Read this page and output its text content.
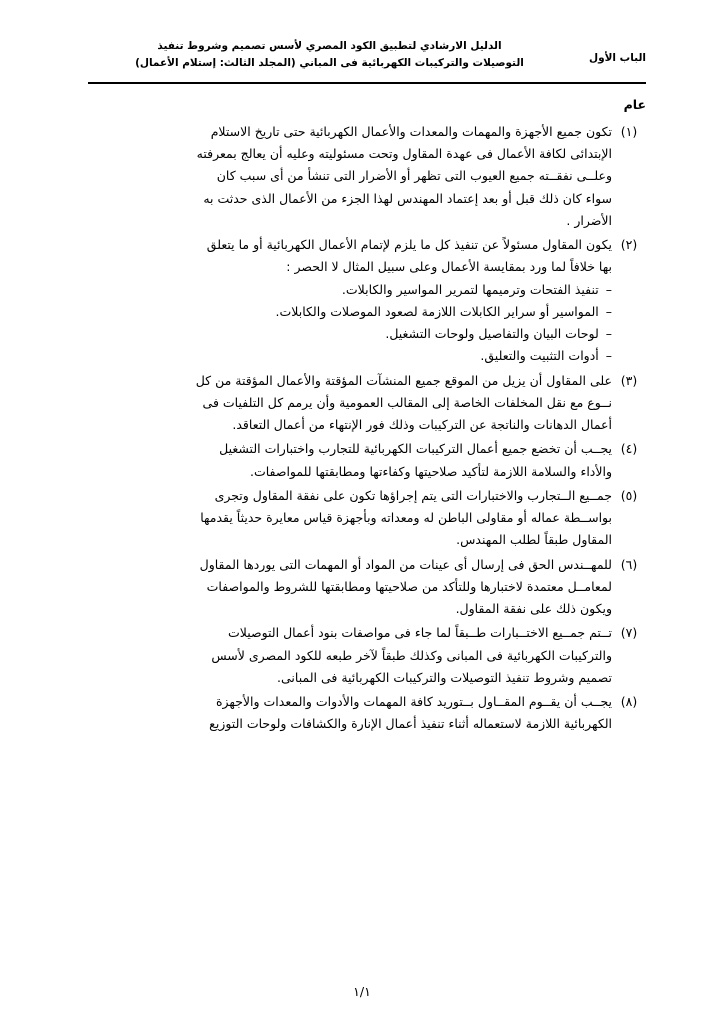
الدليل الارشادي لتطبيق الكود المصري لأسس تصميم وشروط تنفيذ
التوصيلات والتركيبات الكهربائية فى المباني (المجلد الثالث: إستلام الأعمال)	الباب الأول
عام
(١)
تكون جميع الأجهزة والمهمات والمعدات والأعمال الكهربائية حتى تاريخ الاستلام
الإبتدائى لكافة الأعمال فى عهدة المقاول وتحت مسئوليته وعليه أن يعالج بمعرفته
وعلــى نفقــته جميع العيوب التى تظهر أو الأضرار التى تنشأ من أى سبب كان
سواء كان ذلك قبل أو بعد إعتماد المهندس لهذا الجزء من الأعمال الذى حدثت به
الأضرار .
(٢)
يكون المقاول مسئولاً عن تنفيذ كل ما يلزم لإتمام الأعمال الكهربائية أو ما يتعلق
بها خلافاً لما ورد بمقايسة الأعمال وعلى سبيل المثال لا الحصر :
–تنفيذ الفتحات وترميمها لتمرير المواسير والكابلات.
–المواسير أو سراير الكابلات اللازمة لصعود الموصلات والكابلات.
–لوحات البيان والتفاصيل ولوحات التشغيل.
–أدوات التثبيت والتعليق.
(٣)
على المقاول أن يزيل من الموقع جميع المنشآت المؤقتة والأعمال المؤقتة من كل
نــوع مع نقل المخلفات الخاصة إلى المقالب العمومية وأن يرمم كل التلفيات فى
أعمال الدهانات والناتجة عن التركيبات وذلك فور الإنتهاء من أعمال التعاقد.
(٤)
يجــب أن تخضع جميع أعمال التركيبات الكهربائية للتجارب واختبارات التشغيل
والأداء والسلامة اللازمة لتأكيد صلاحيتها وكفاءتها ومطابقتها للمواصفات.
(٥)
جمــيع الــتجارب والاختبارات التى يتم إجراؤها تكون على نفقة المقاول وتجرى
بواســطة عماله أو مقاولى الباطن له ومعداته وبأجهزة قياس معايرة حديثاً يقدمها
المقاول طبقاً لطلب المهندس.
(٦)
للمهــندس الحق فى إرسال أى عينات من المواد أو المهمات التى يوردها المقاول
لمعامــل معتمدة لاختبارها وللتأكد من صلاحيتها ومطابقتها للشروط والمواصفات
ويكون ذلك على نفقة المقاول.
(٧)
تــتم جمــيع الاختــبارات طــبقاً لما جاء فى مواصفات بنود أعمال التوصيلات
والتركيبات الكهربائية فى المبانى وكذلك طبقاً لآخر طبعه للكود المصرى لأسس
تصميم وشروط تنفيذ التوصيلات والتركيبات الكهربائية فى المبانى.
(٨)
يجــب أن يقــوم المقــاول بــتوريد كافة المهمات والأدوات والمعدات والأجهزة
الكهربائية اللازمة لاستعماله أثناء تنفيذ أعمال الإنارة والكشافات ولوحات التوزيع
١/١
